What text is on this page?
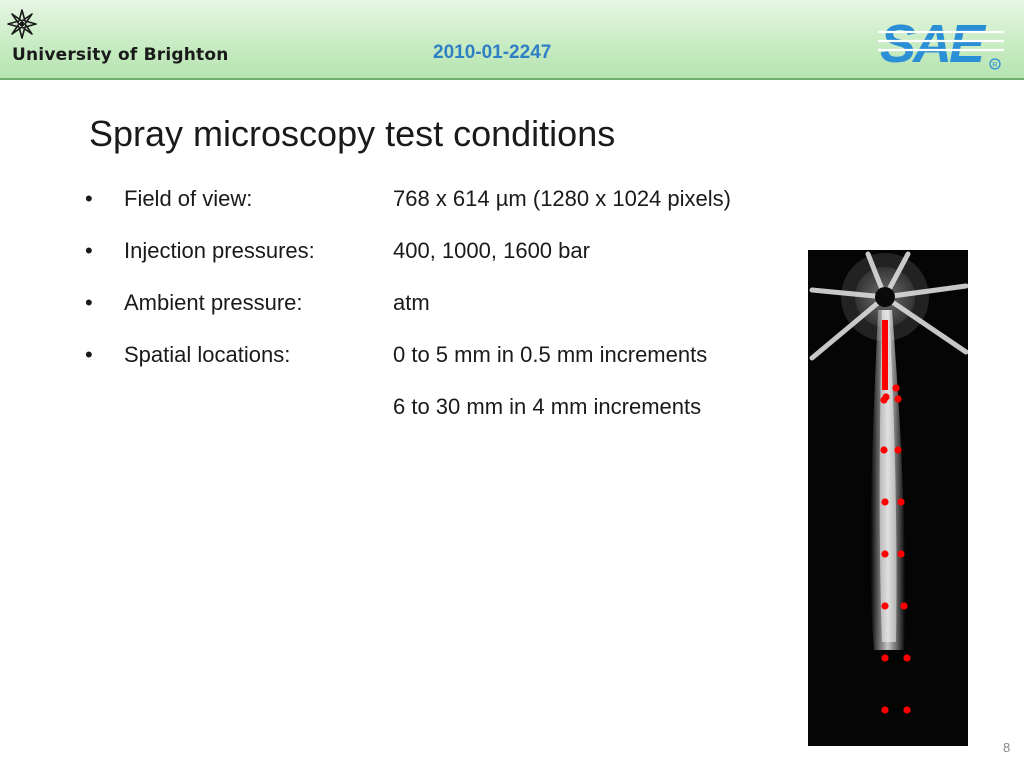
University of Brighton	2010-01-2247	SAE	R
Spray microscopy test conditions
• Field of view:	768 x 614 µm (1280 x 1024 pixels)
• Injection pressures:	400, 1000, 1600 bar
• Ambient pressure:	atm
• Spatial locations:	0 to 5 mm in 0.5 mm increments
6 to 30 mm in 4 mm increments
8
